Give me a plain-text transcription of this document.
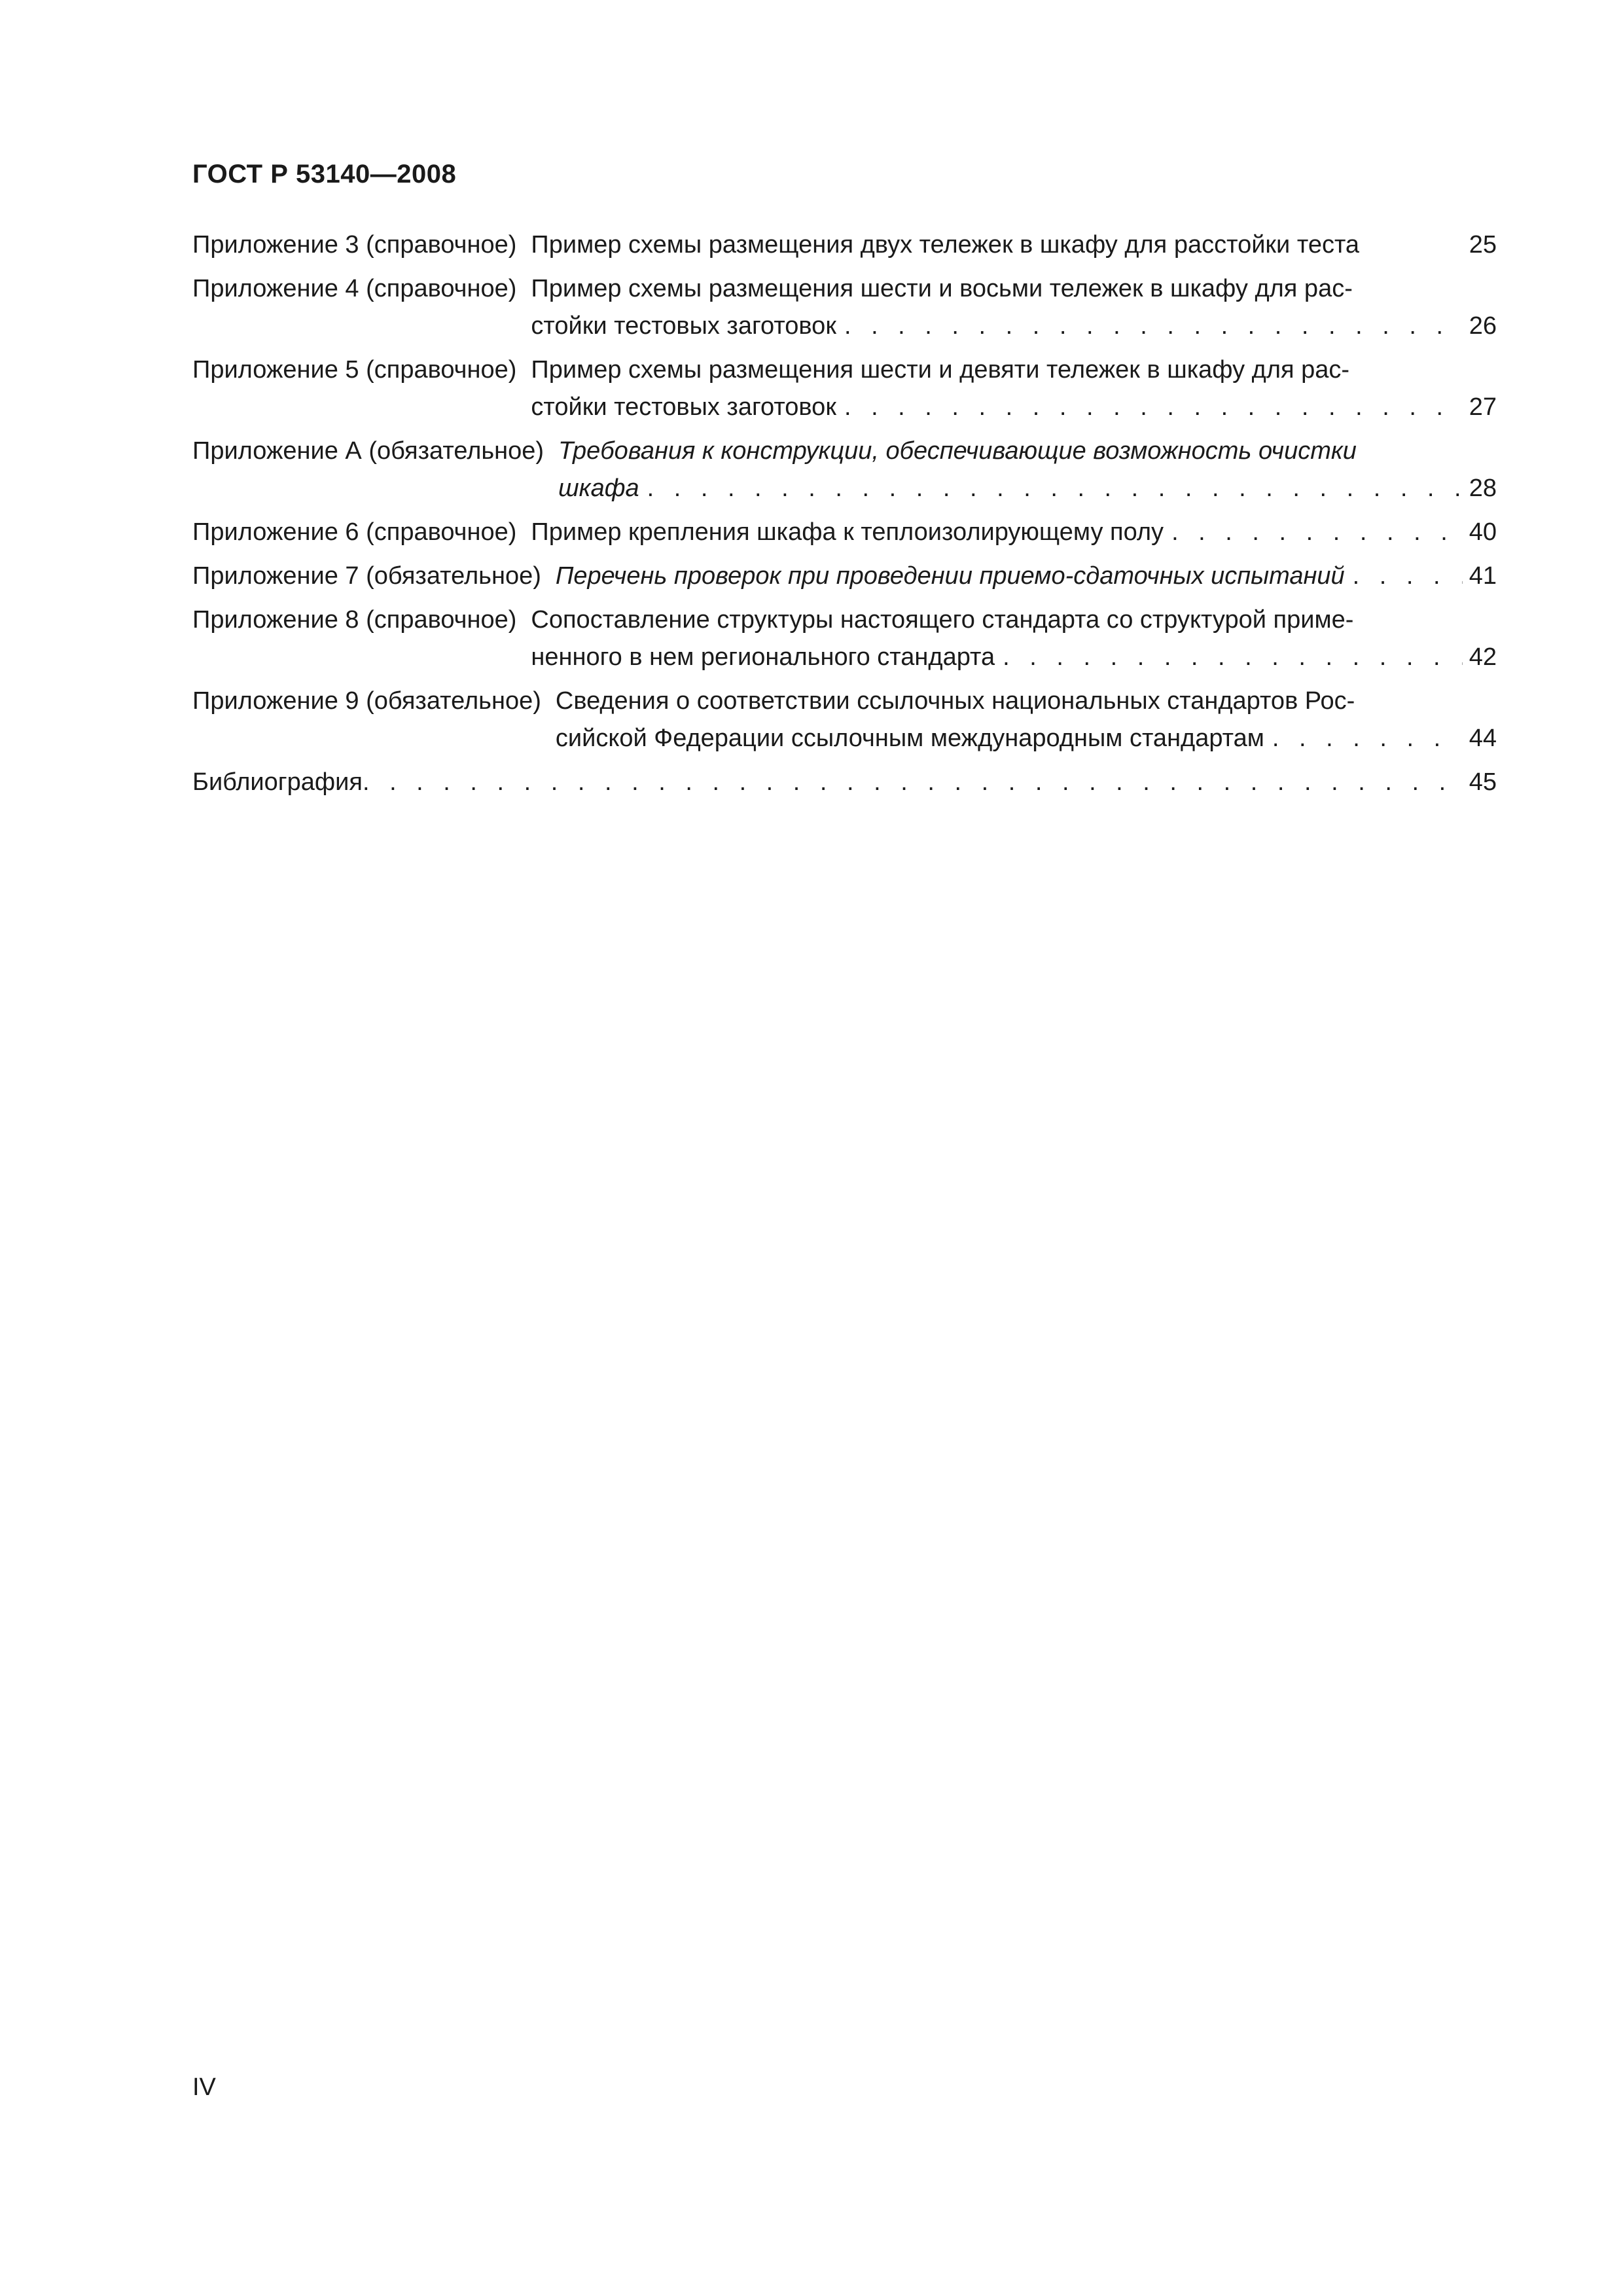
ГОСТ Р 53140—2008
Приложение 3 (справочное) Пример схемы размещения двух тележек в шкафу для расстойки теста	25
Приложение 4 (справочное) Пример схемы размещения шести и восьми тележек в шкафу для рас-
стойки тестовых заготовок . . .	26
Приложение 5 (справочное) Пример схемы размещения шести и девяти тележек в шкафу для рас-
стойки тестовых заготовок . . .	27
Приложение А (обязательное) Требования к конструкции, обеспечивающие возможность очистки
шкафа . . .	28
Приложение 6 (справочное) Пример крепления шкафа к теплоизолирующему полу . . .	40
Приложение 7 (обязательное) Перечень проверок при проведении приемо-сдаточных испытаний . . .	41
Приложение 8 (справочное) Сопоставление структуры настоящего стандарта со структурой приме-
ненного в нем регионального стандарта . . .	42
Приложение 9 (обязательное) Сведения о соответствии ссылочных национальных стандартов Рос-
сийской Федерации ссылочным международным стандартам . . .	44
Библиография . . .	45
IV
